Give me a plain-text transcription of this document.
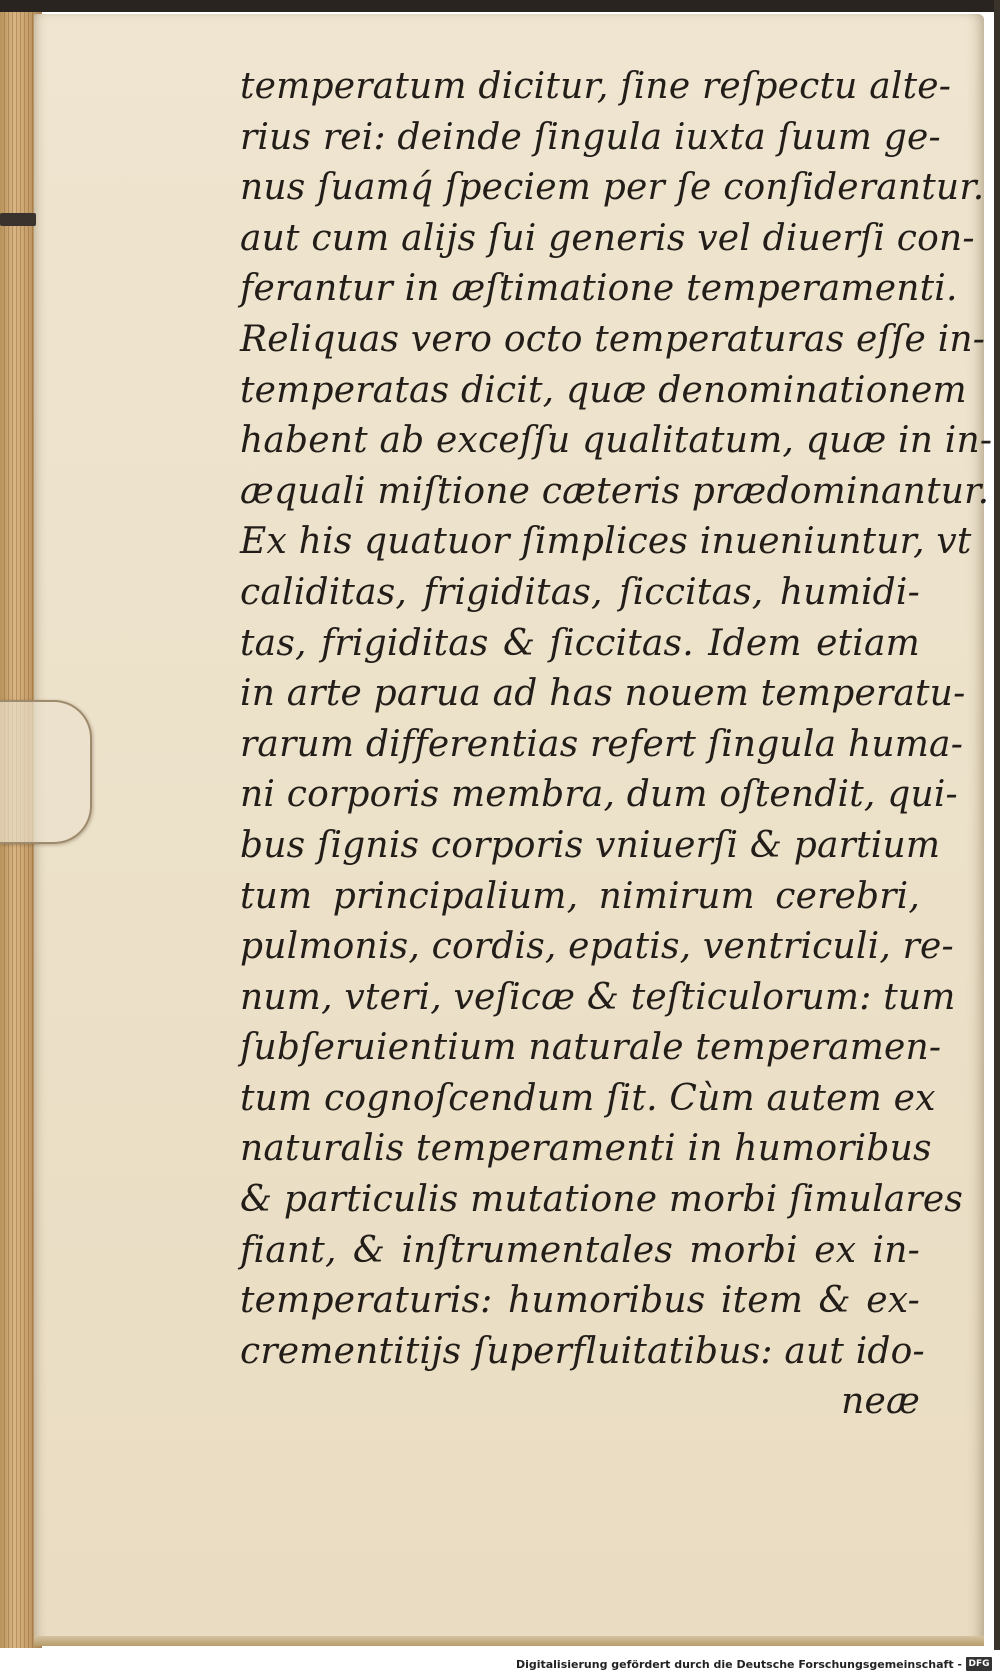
temperatum dicitur, ſine reſpectu alte-
rius rei: deinde ſingula iuxta ſuum ge-
nus ſuamq́ ſpeciem per ſe conſiderantur.
aut cum alijs ſui generis vel diuerſi con-
ferantur in æſtimatione temperamenti.
Reliquas vero octo temperaturas eſſe in-
temperatas dicit, quæ denominationem
habent ab exceſſu qualitatum, quæ in in-
æquali miſtione cæteris prædominantur.
Ex his quatuor ſimplices inueniuntur, vt
caliditas, frigiditas, ſiccitas, humidi-
tas, frigiditas & ſiccitas. Idem etiam
in arte parua ad has nouem temperatu-
rarum differentias refert ſingula huma-
ni corporis membra, dum oſtendit, qui-
bus ſignis corporis vniuerſi & partium
tum principalium, nimirum cerebri,
pulmonis, cordis, epatis, ventriculi, re-
num, vteri, veſicæ & teſticulorum: tum
ſubſeruientium naturale temperamen-
tum cognoſcendum ſit. Cùm autem ex
naturalis temperamenti in humoribus
& particulis mutatione morbi ſimulares
fiant, & inſtrumentales morbi ex in-
temperaturis: humoribus item & ex-
crementitijs ſuperfluitatibus: aut ido-
neæ
Digitalisierung gefördert durch die Deutsche Forschungsgemeinschaft - DFG
